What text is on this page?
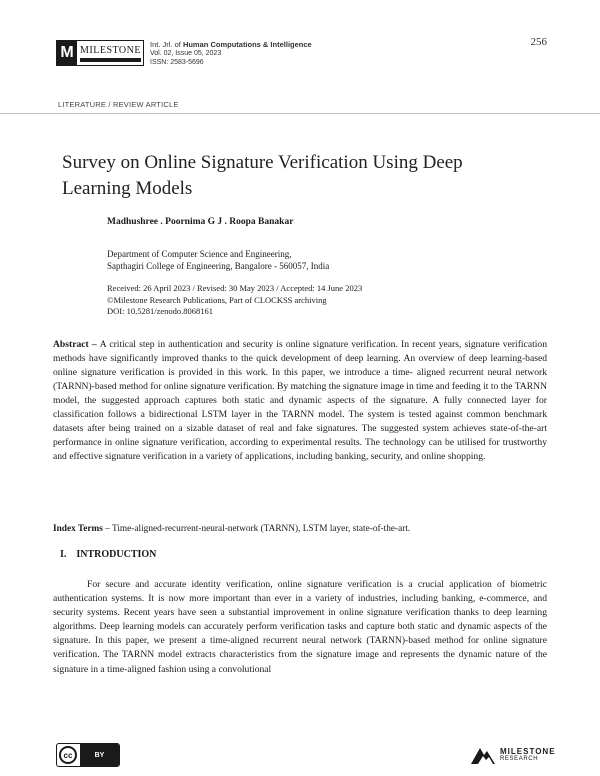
M MILESTONE Int. Jrl. of Human Computations & Intelligence
Vol. 02, Issue 05, 2023
ISSN: 2583-5696
256
LITERATURE / REVIEW ARTICLE
Survey on Online Signature Verification Using Deep Learning Models
Madhushree . Poornima G J . Roopa Banakar
Department of Computer Science and Engineering,
Sapthagiri College of Engineering, Bangalore - 560057, India
Received: 26 April 2023 / Revised: 30 May 2023 / Accepted: 14 June 2023
©Milestone Research Publications, Part of CLOCKSS archiving
DOI: 10.5281/zenodo.8068161
Abstract – A critical step in authentication and security is online signature verification. In recent years, signature verification methods have significantly improved thanks to the quick development of deep learning. An overview of deep learning-based online signature verification is provided in this work. In this paper, we introduce a time- aligned recurrent neural network (TARNN)-based method for online signature verification. By matching the signature image in time and feeding it to the TARNN model, the suggested approach captures both static and dynamic aspects of the signature. A fully connected layer for classification follows a bidirectional LSTM layer in the TARNN model. The system is tested against common benchmark datasets after being trained on a sizable dataset of real and fake signatures. The suggested system achieves state-of-the-art performance in online signature verification, according to experimental results. The technology can be utilised for trustworthy and effective signature verification in a variety of applications, including banking, security, and online shopping.
Index Terms – Time-aligned-recurrent-neural-network (TARNN), LSTM layer, state-of-the-art.
I.    INTRODUCTION
For secure and accurate identity verification, online signature verification is a crucial application of biometric authentication systems. It is now more important than ever in a variety of industries, including banking, e-commerce, and security systems. Recent years have seen a substantial improvement in online signature verification thanks to deep learning algorithms. Deep learning models can accurately perform verification tasks and capture both static and dynamic aspects of the signature. In this paper, we present a time-aligned recurrent neural network (TARNN)-based method for online signature verification. The TARNN model extracts characteristics from the signature image and represents the dynamic nature of the signature in a time-aligned fashion using a convolutional
cc	BY	MILESTONE
RESEARCH
